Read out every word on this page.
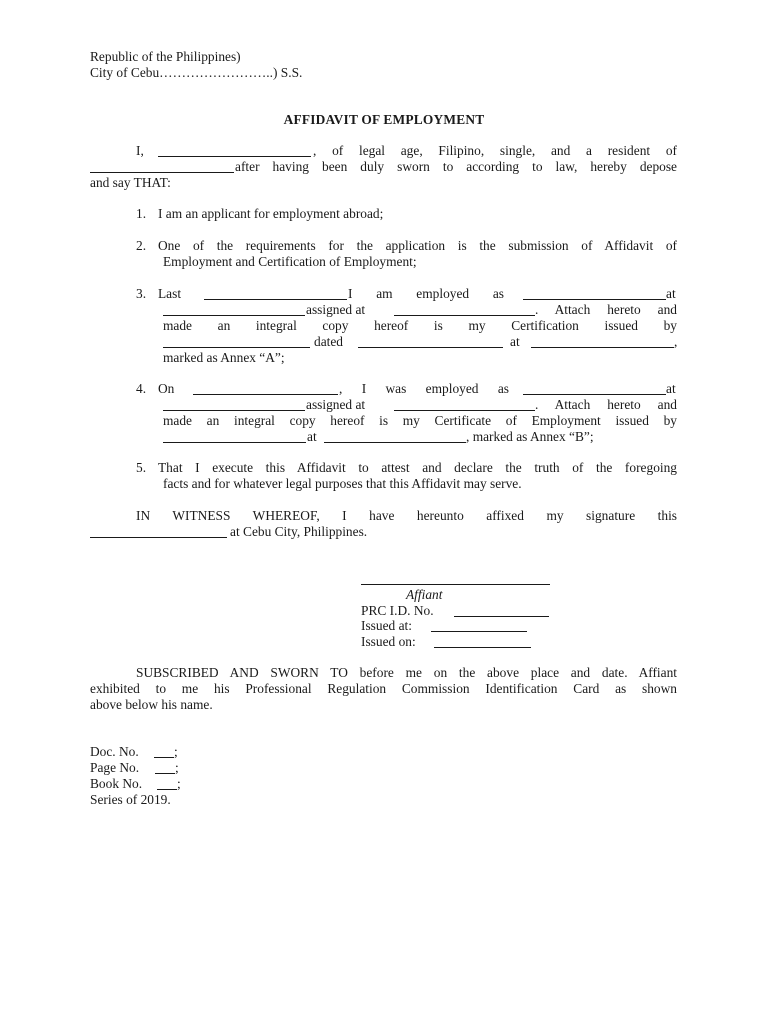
Republic of the Philippines)
City of Cebu……………………..) S.S.
AFFIDAVIT OF EMPLOYMENT
I,	, of legal age, Filipino, single, and a resident of
after having been duly sworn to according to law, hereby depose
and say THAT:
1. I am an applicant for employment abroad;
2. One of the requirements for the application is the submission of Affidavit of
Employment and Certification of Employment;
3. Last	I am employed as	at
assigned at	. Attach hereto and
made an integral copy hereof is my Certification issued by
dated	at	,
marked as Annex “A”;
4. On	, I was employed as	at
assigned at	. Attach hereto and
made an integral copy hereof is my Certificate of Employment issued by
at	, marked as Annex “B”;
5. That I execute this Affidavit to attest and declare the truth of the foregoing
facts and for whatever legal purposes that this Affidavit may serve.
IN WITNESS WHEREOF, I have hereunto affixed my signature this
at Cebu City, Philippines.
Affiant
PRC I.D. No.
Issued at:
Issued on:
SUBSCRIBED AND SWORN TO before me on the above place and date. Affiant
exhibited to me his Professional Regulation Commission Identification Card as shown
above below his name.
Doc. No.	;
Page No.	;
Book No.	;
Series of 2019.
